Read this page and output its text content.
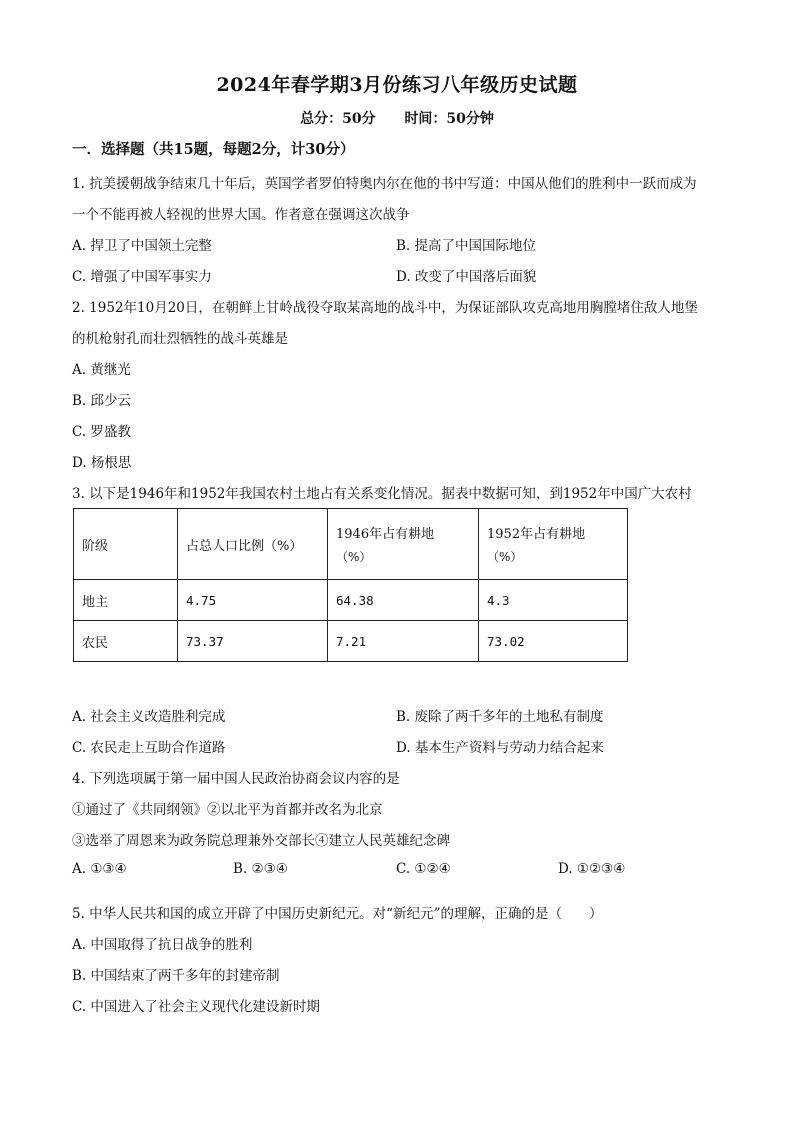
2024年春学期3月份练习八年级历史试题
总分：50分 时间：50分钟
一．选择题（共15题，每题2分，计30分）
1. 抗美援朝战争结束几十年后，英国学者罗伯特奥内尔在他的书中写道：中国从他们的胜利中一跃而成为
一个不能再被人轻视的世界大国。作者意在强调这次战争
A. 捍卫了中国领土完整	B. 提高了中国国际地位
C. 增强了中国军事实力	D. 改变了中国落后面貌
2. 1952年10月20日，在朝鲜上甘岭战役夺取某高地的战斗中，为保证部队攻克高地用胸膛堵住敌人地堡
的机枪射孔而壮烈牺牲的战斗英雄是
A. 黄继光
B. 邱少云
C. 罗盛教
D. 杨根思
3. 以下是1946年和1952年我国农村土地占有关系变化情况。据表中数据可知，到1952年中国广大农村
阶级	占总人口比例（%）	1946年占有耕地
（%）	1952年占有耕地
（%）

地主	4.75	64.38	4.3
农民	73.37	7.21	73.02
A. 社会主义改造胜利完成	B. 废除了两千多年的土地私有制度
C. 农民走上互助合作道路	D. 基本生产资料与劳动力结合起来
4. 下列选项属于第一届中国人民政治协商会议内容的是
①通过了《共同纲领》②以北平为首都并改名为北京
③选举了周恩来为政务院总理兼外交部长④建立人民英雄纪念碑
A. ①③④	B. ②③④	C. ①②④	D. ①②③④
5. 中华人民共和国的成立开辟了中国历史新纪元。对“新纪元”的理解，正确的是（　　）
A. 中国取得了抗日战争的胜利
B. 中国结束了两千多年的封建帝制
C. 中国进入了社会主义现代化建设新时期
